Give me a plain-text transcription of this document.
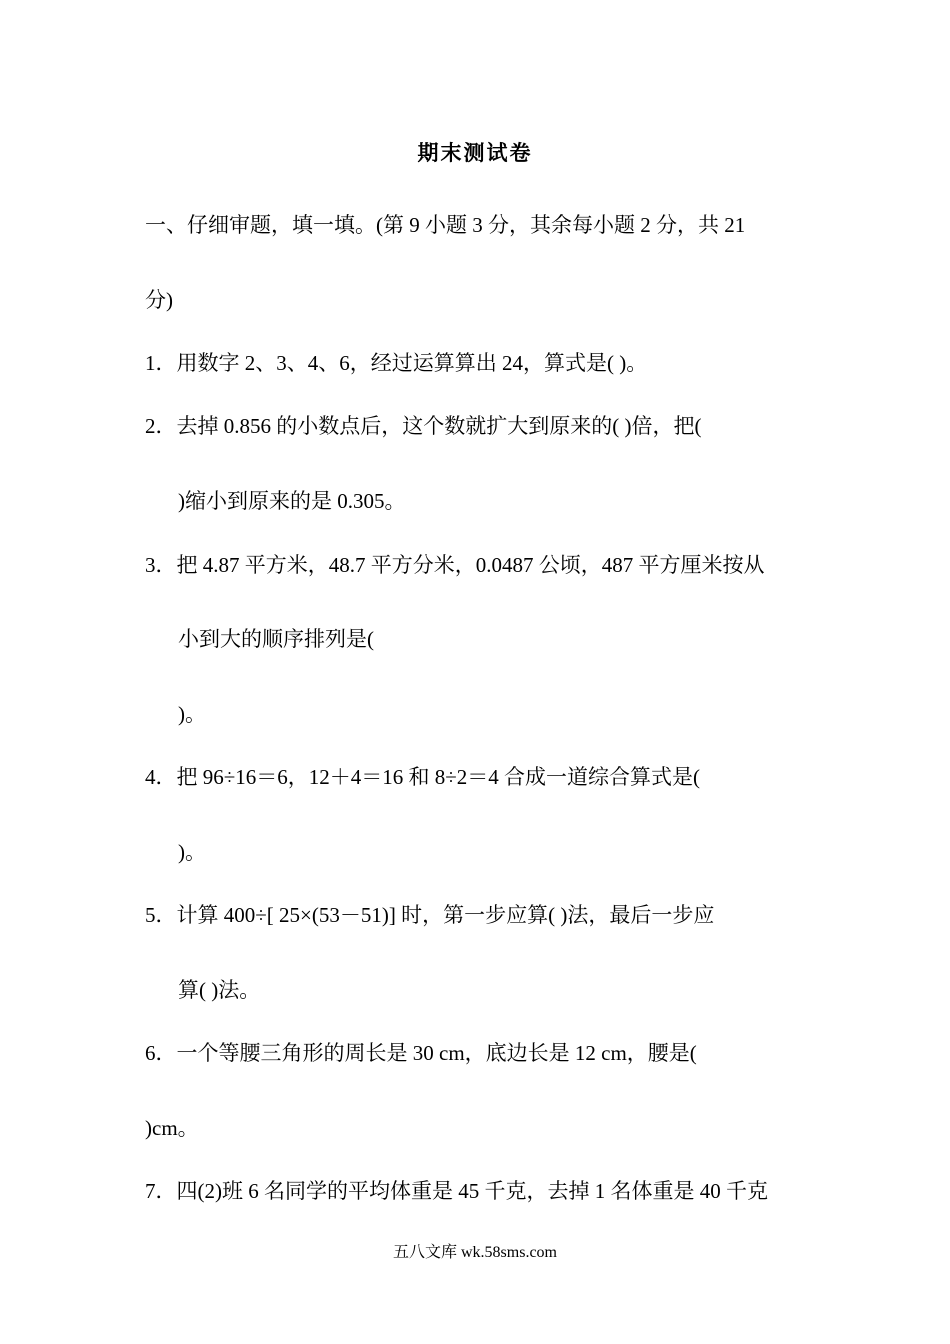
期末测试卷
一、仔细审题，填一填。(第 9 小题 3 分，其余每小题 2 分，共 21
分)
1．用数字 2、3、4、6，经过运算算出 24，算式是( )。
2．去掉 0.856 的小数点后，这个数就扩大到原来的( )倍，把(
)缩小到原来的是 0.305。
3．把 4.87 平方米，48.7 平方分米，0.0487 公顷，487 平方厘米按从
小到大的顺序排列是(
)。
4．把 96÷16＝6，12＋4＝16 和 8÷2＝4 合成一道综合算式是(
)。
5．计算 400÷[ 25×(53－51)] 时，第一步应算( )法，最后一步应
算( )法。
6．一个等腰三角形的周长是 30 cm，底边长是 12 cm，腰是(
)cm。
7．四(2)班 6 名同学的平均体重是 45 千克，去掉 1 名体重是 40 千克
五八文库 wk.58sms.com
